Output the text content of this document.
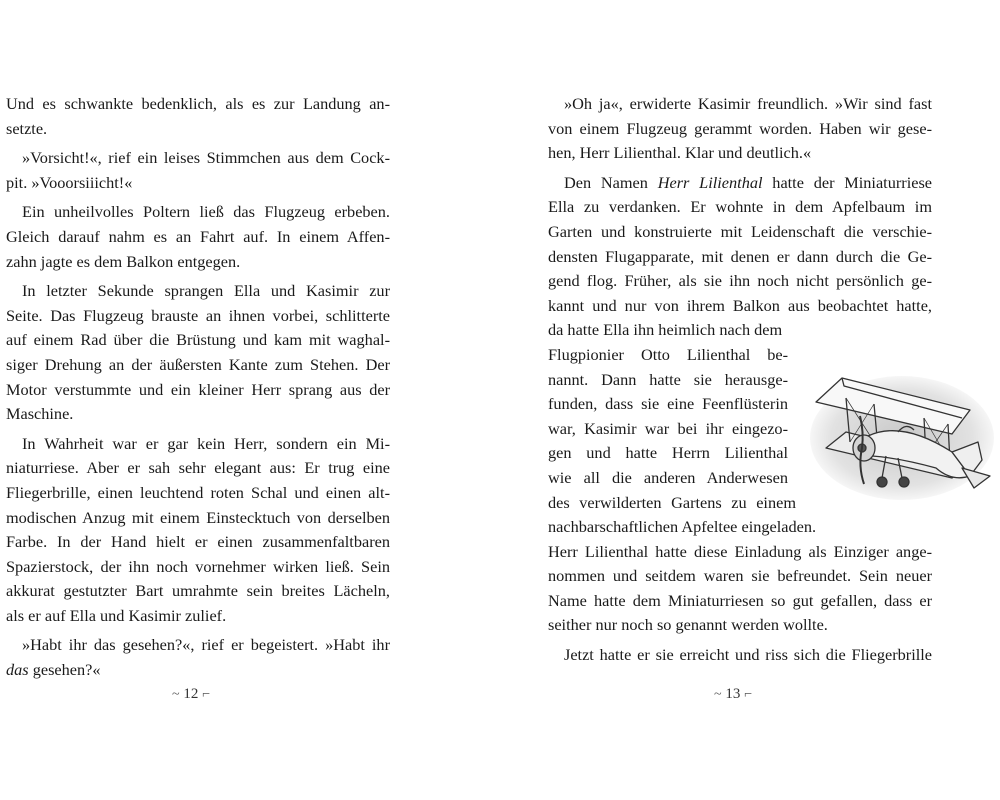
Und es schwankte bedenklich, als es zur Landung an-
setzte.
»Vorsicht!«, rief ein leises Stimmchen aus dem Cock-
pit. »Vooorsiiicht!«
Ein unheilvolles Poltern ließ das Flugzeug erbeben.
Gleich darauf nahm es an Fahrt auf. In einem Affen-
zahn jagte es dem Balkon entgegen.
In letzter Sekunde sprangen Ella und Kasimir zur
Seite. Das Flugzeug brauste an ihnen vorbei, schlitterte
auf einem Rad über die Brüstung und kam mit waghal-
siger Drehung an der äußersten Kante zum Stehen. Der
Motor verstummte und ein kleiner Herr sprang aus der
Maschine.
In Wahrheit war er gar kein Herr, sondern ein Mi-
niaturriese. Aber er sah sehr elegant aus: Er trug eine
Fliegerbrille, einen leuchtend roten Schal und einen alt-
modischen Anzug mit einem Einstecktuch von derselben
Farbe. In der Hand hielt er einen zusammenfaltbaren
Spazierstock, der ihn noch vornehmer wirken ließ. Sein
akkurat gestutzter Bart umrahmte sein breites Lächeln,
als er auf Ella und Kasimir zulief.
»Habt ihr das gesehen?«, rief er begeistert. »Habt ihr
das gesehen?«
»Oh ja«, erwiderte Kasimir freundlich. »Wir sind fast
von einem Flugzeug gerammt worden. Haben wir gese-
hen, Herr Lilienthal. Klar und deutlich.«
Den Namen Herr Lilienthal hatte der Miniaturriese
Ella zu verdanken. Er wohnte in dem Apfelbaum im
Garten und konstruierte mit Leidenschaft die verschie-
densten Flugapparate, mit denen er dann durch die Ge-
gend flog. Früher, als sie ihn noch nicht persönlich ge-
kannt und nur von ihrem Balkon aus beobachtet hatte,
da hatte Ella ihn heimlich nach dem
Flugpionier Otto Lilienthal be-
nannt. Dann hatte sie herausge-
funden, dass sie eine Feenflüsterin
war, Kasimir war bei ihr eingezo-
gen und hatte Herrn Lilienthal
wie all die anderen Anderwesen
des verwilderten Gartens zu einem
nachbarschaftlichen Apfeltee eingeladen.
Herr Lilienthal hatte diese Einladung als Einziger ange-
nommen und seitdem waren sie befreundet. Sein neuer
Name hatte dem Miniaturriesen so gut gefallen, dass er
seither nur noch so genannt werden wollte.
Jetzt hatte er sie erreicht und riss sich die Fliegerbrille
~ 12 ⌐	~ 13 ⌐
